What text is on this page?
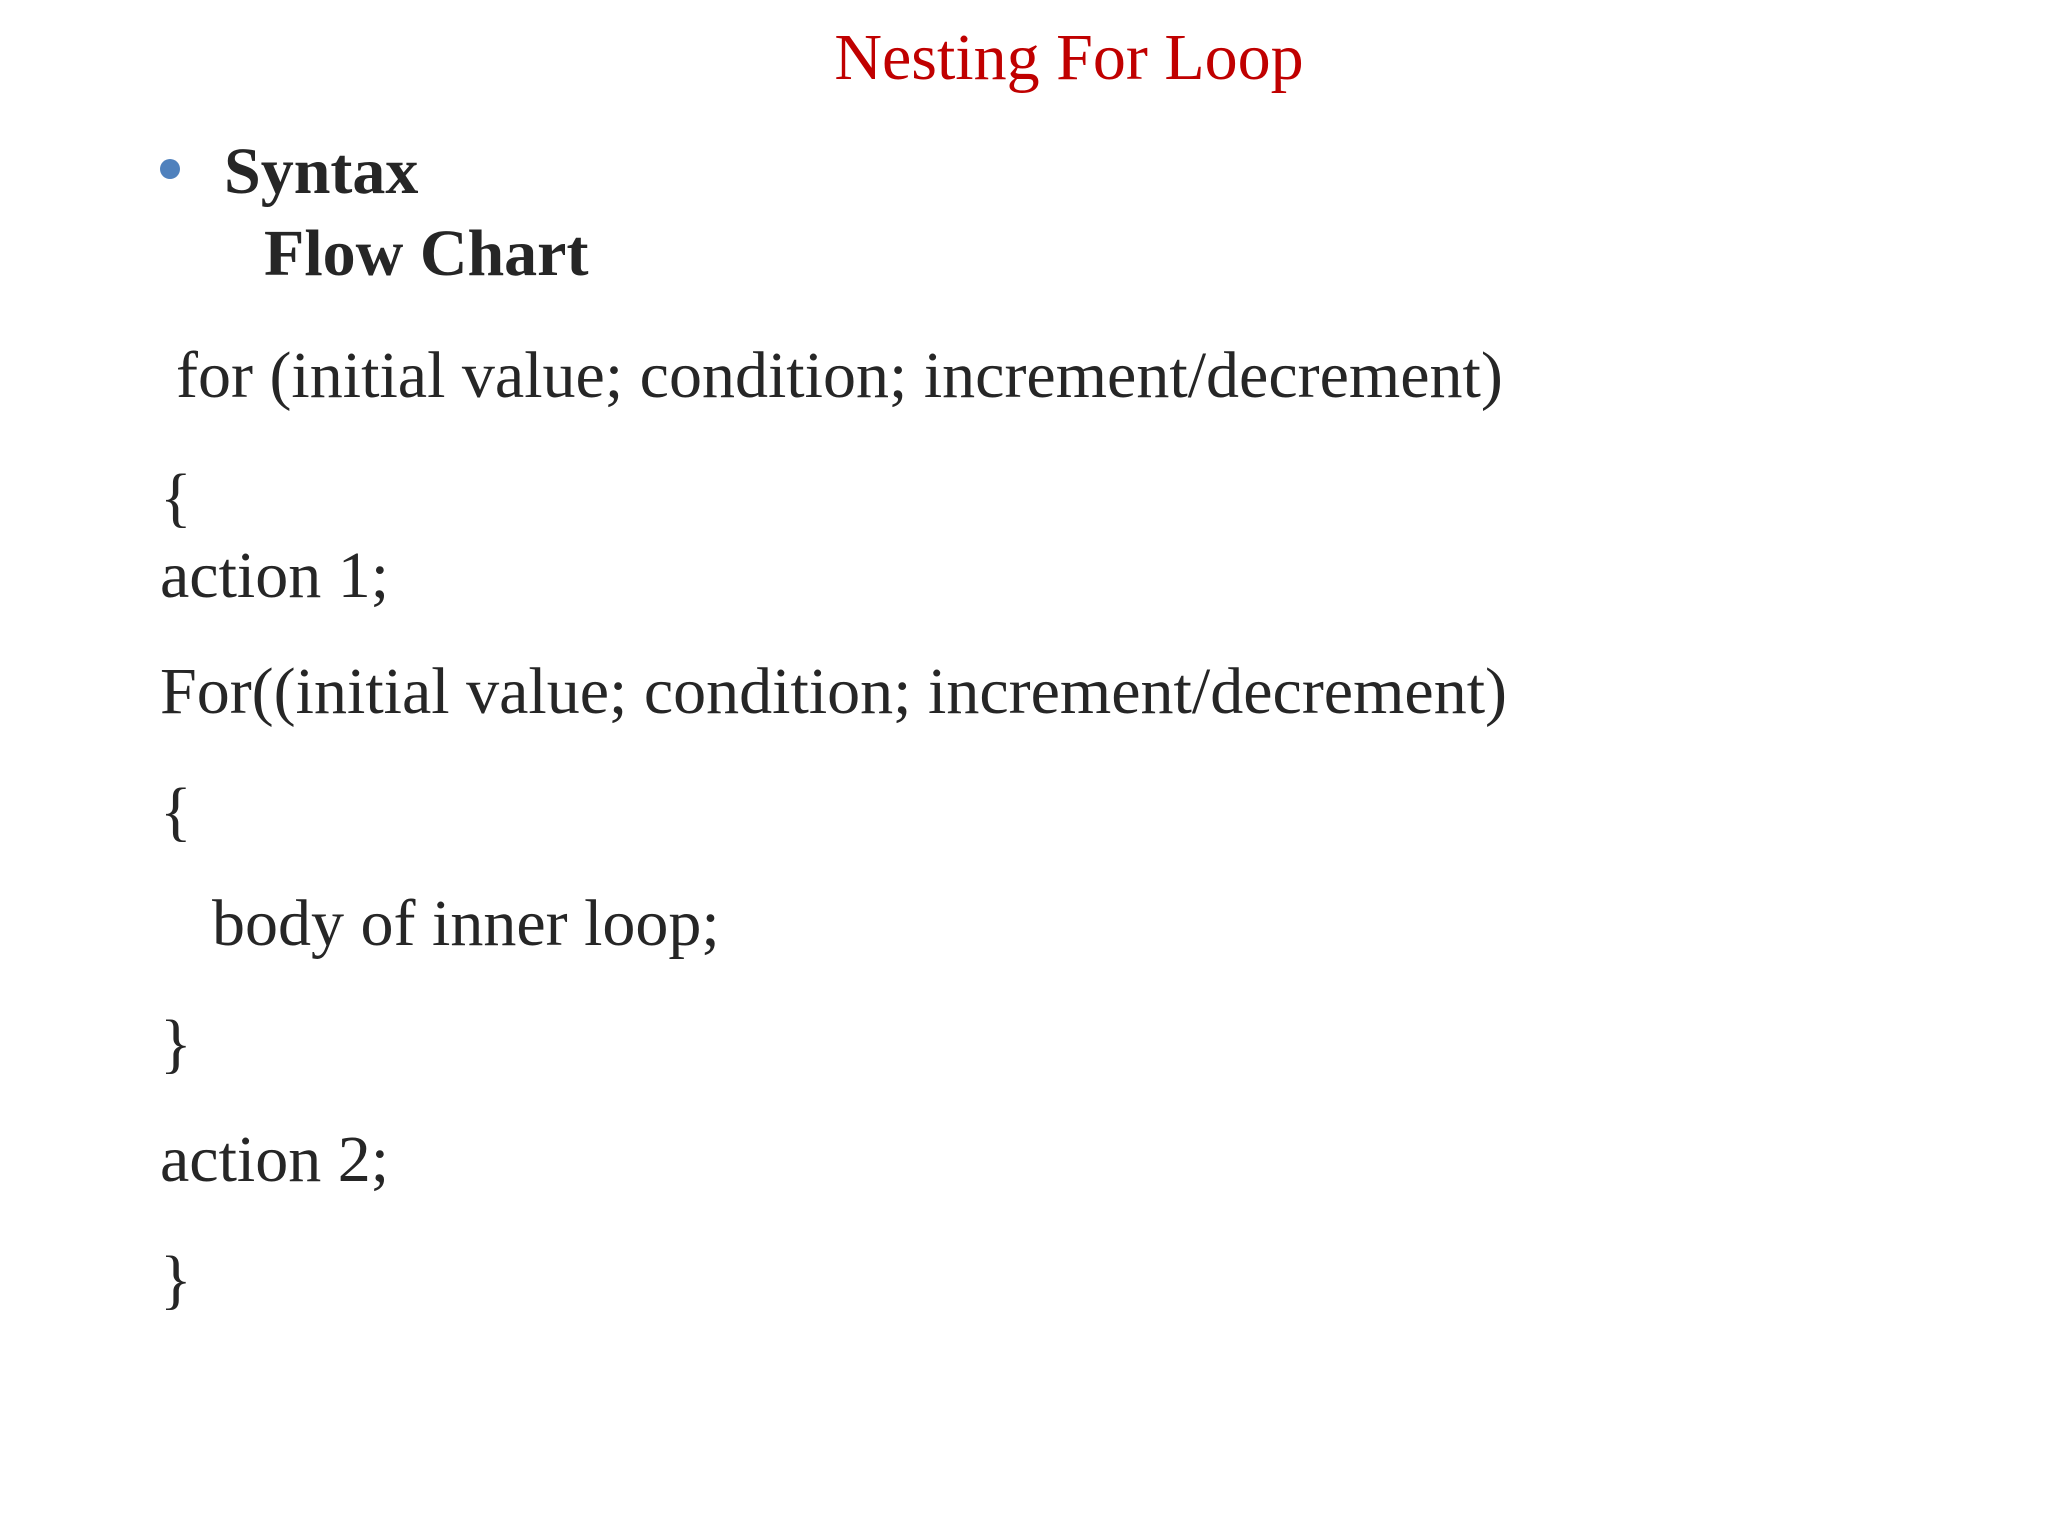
Nesting For Loop
Syntax
Flow Chart
for (initial value; condition; increment/decrement)
{
action 1;
For((initial value; condition; increment/decrement)
{
body of inner loop;
}
action 2;
}
